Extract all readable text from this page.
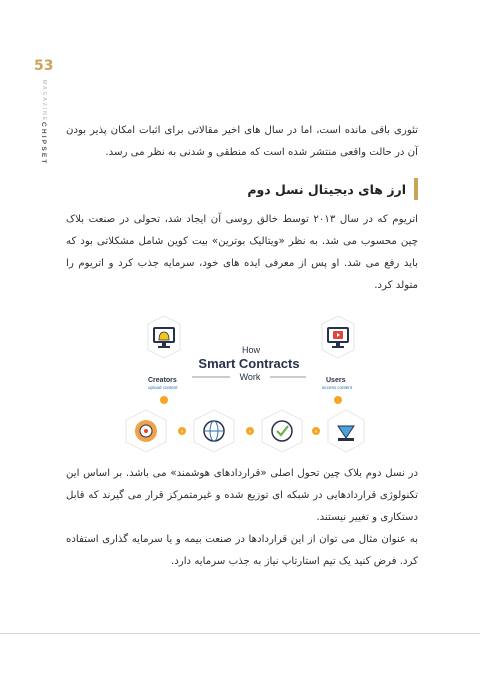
53

MAGAZINE
CHIPSET تئوری باقی مانده است، اما در سال های اخیر مقالاتی برای اثبات امکان پذیر بودن آن در حالت واقعی منتشر شده است که منطقی و شدنی به نظر می رسد.

ارز های دیجیتال نسل دوم

اتریوم که در سال ۲۰۱۳ توسط خالق روسی آن ایجاد شد، تحولی در صنعت بلاک چین محسوب می شد. به نظر «ویتالیک بوترین» بیت کوین شامل مشکلاتی بود که باید رفع می شد. او پس از معرفی ایده های خود، سرمایه جذب کرد و اتریوم را متولد کرد.

Creators
upload content
Users
access content
How
Smart Contracts
Work
»	»	»

در نسل دوم بلاک چین تحول اصلی «قراردادهای هوشمند» می باشد. بر اساس این تکنولوژی قراردادهایی در شبکه ای توزیع شده و غیرمتمرکز قرار می گیرند که قابل دستکاری و تغییر نیستند.

به عنوان مثال می توان از این قراردادها در صنعت بیمه و یا سرمایه گذاری استفاده کرد. فرض کنید یک تیم استارتاپ نیاز به جذب سرمایه دارد.
